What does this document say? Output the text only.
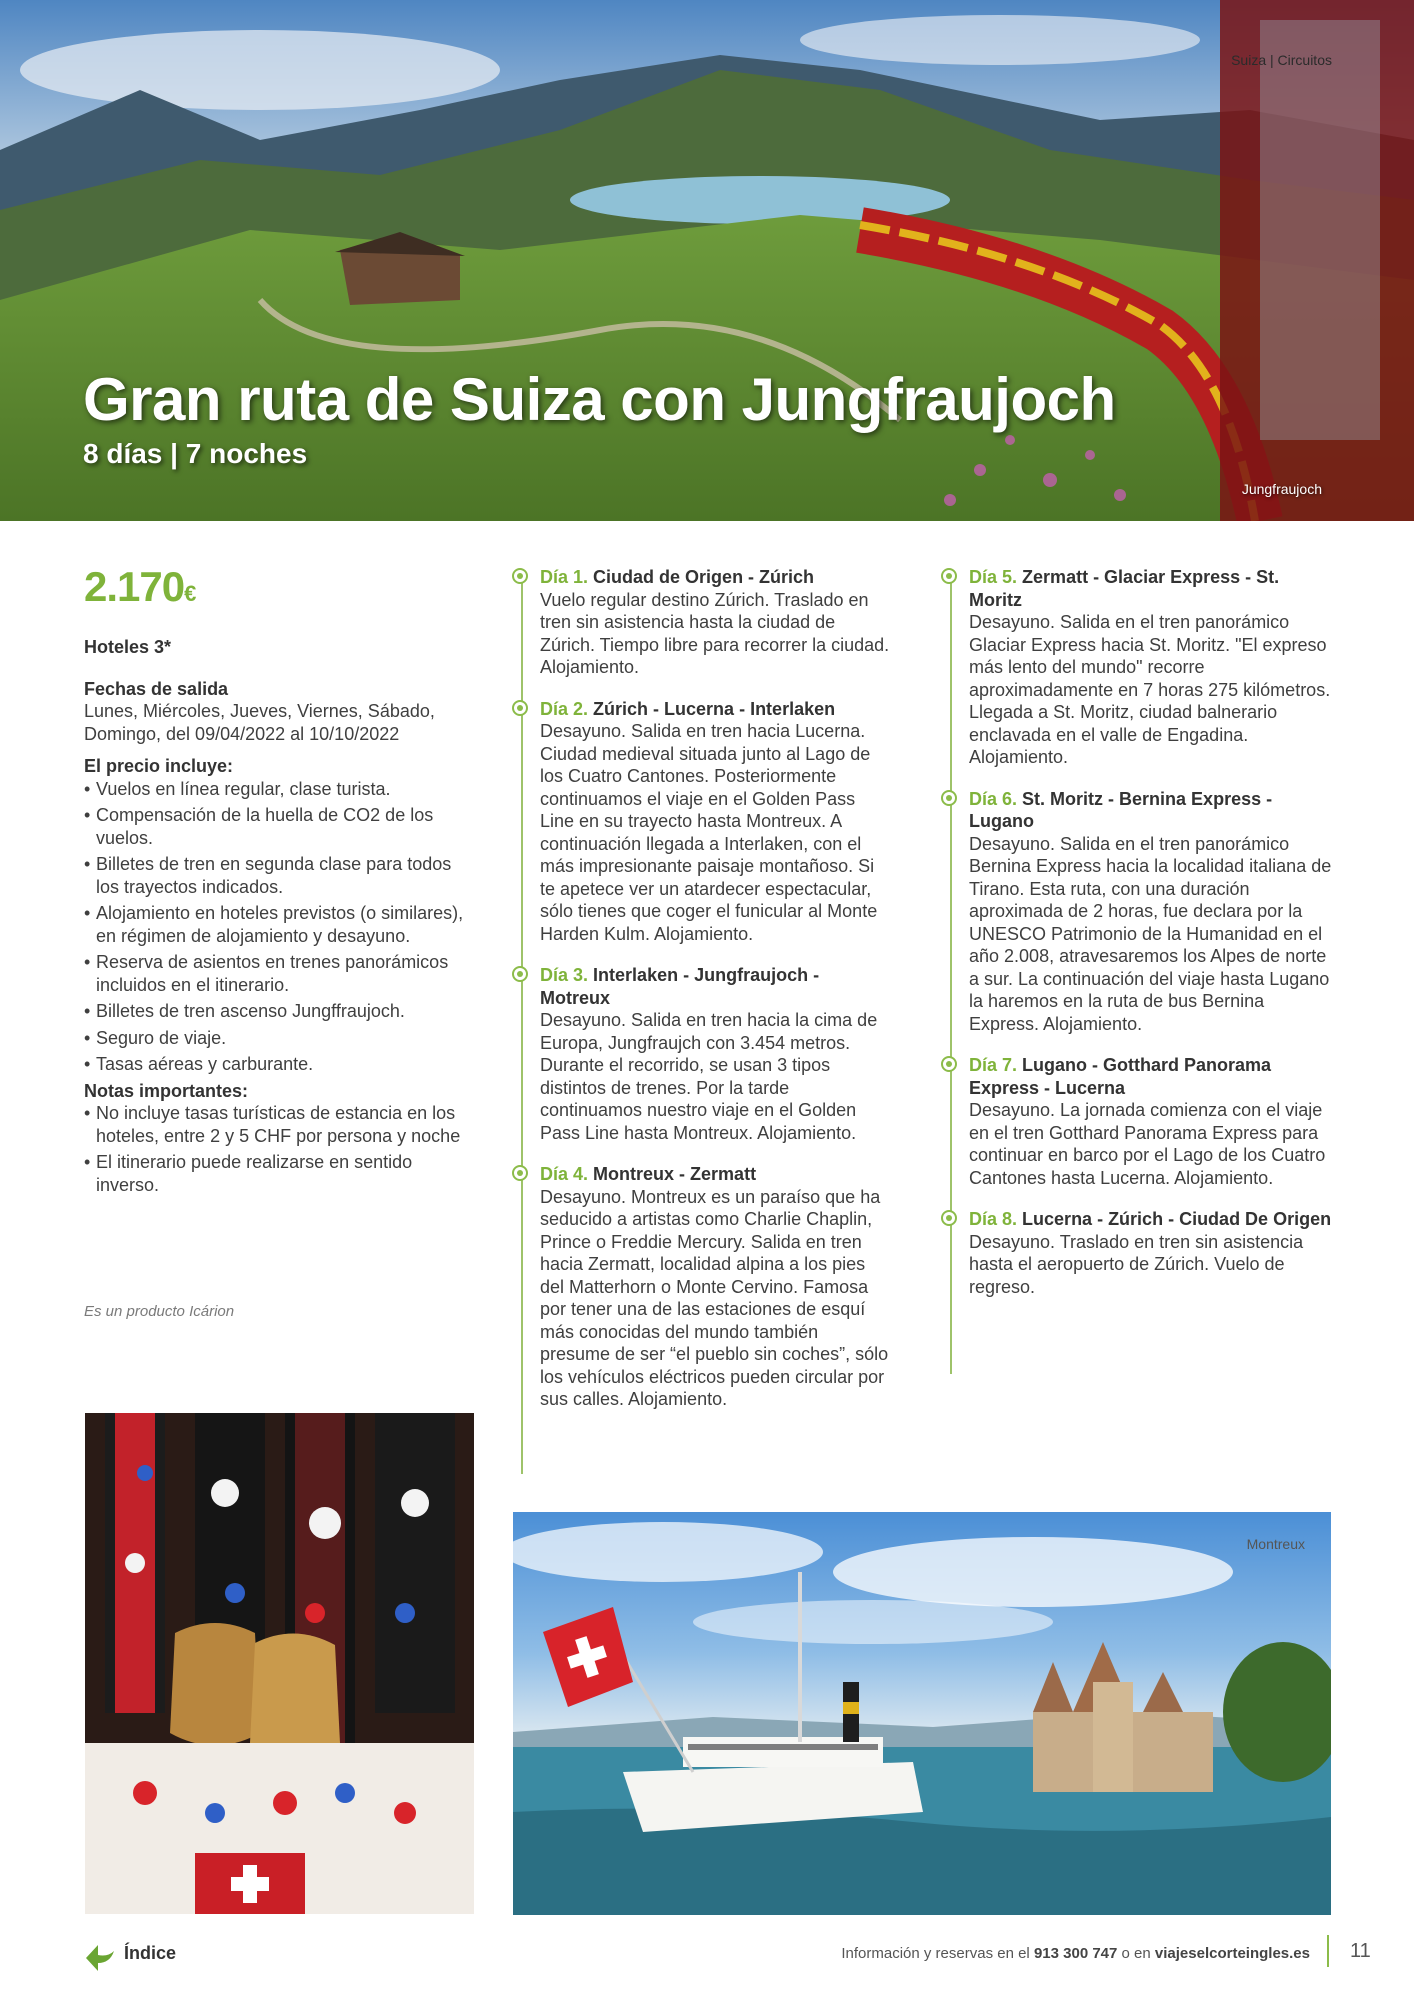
Suiza | Circuitos
Gran ruta de Suiza con Jungfraujoch
8 días | 7 noches
Jungfraujoch
2.170€
Hoteles 3*
Fechas de salida

Lunes, Miércoles, Jueves, Viernes, Sábado, Domingo, del 09/04/2022 al 10/10/2022

El precio incluye:
• Vuelos en línea regular, clase turista.
• Compensación de la huella de CO2 de los vuelos.
• Billetes de tren en segunda clase para todos los trayectos indicados.
• Alojamiento en hoteles previstos (o similares), en régimen de alojamiento y desayuno.
• Reserva de asientos en trenes panorámicos incluidos en el itinerario.
• Billetes de tren ascenso Jungffraujoch.
• Seguro de viaje.
• Tasas aéreas y carburante.
Notas importantes:
• No incluye tasas turísticas de estancia en los hoteles, entre 2 y 5 CHF por persona y noche
• El itinerario puede realizarse en sentido inverso.
Es un producto Icárion
Día 1. Ciudad de Origen - Zúrich
Vuelo regular destino Zúrich. Traslado en tren sin asistencia hasta la ciudad de Zúrich. Tiempo libre para recorrer la ciudad. Alojamiento.
Día 2. Zúrich - Lucerna - Interlaken
Desayuno. Salida en tren hacia Lucerna. Ciudad medieval situada junto al Lago de los Cuatro Cantones. Posteriormente continuamos el viaje en el Golden Pass Line en su trayecto hasta Montreux. A continuación llegada a Interlaken, con el más impresionante paisaje montañoso. Si te apetece ver un atardecer espectacular, sólo tienes que coger el funicular al Monte Harden Kulm. Alojamiento.
Día 3. Interlaken - Jungfraujoch - Motreux
Desayuno. Salida en tren hacia la cima de Europa, Jungfraujch con 3.454 metros. Durante el recorrido, se usan 3 tipos distintos de trenes. Por la tarde continuamos nuestro viaje en el Golden Pass Line hasta Montreux. Alojamiento.
Día 4. Montreux - Zermatt
Desayuno. Montreux es un paraíso que ha seducido a artistas como Charlie Chaplin, Prince o Freddie Mercury. Salida en tren hacia Zermatt, localidad alpina a los pies del Matterhorn o Monte Cervino. Famosa por tener una de las estaciones de esquí más conocidas del mundo también presume de ser “el pueblo sin coches”, sólo los vehículos eléctricos pueden circular por sus calles. Alojamiento.
Día 5. Zermatt - Glaciar Express - St. Moritz
Desayuno. Salida en el tren panorámico Glaciar Express hacia St. Moritz. "El expreso más lento del mundo" recorre aproximadamente en 7 horas 275 kilómetros. Llegada a St. Moritz, ciudad balnerario enclavada en el valle de Engadina. Alojamiento.
Día 6. St. Moritz - Bernina Express - Lugano
Desayuno. Salida en el tren panorámico Bernina Express hacia la localidad italiana de Tirano. Esta ruta, con una duración aproximada de 2 horas, fue declara por la UNESCO Patrimonio de la Humanidad en el año 2.008, atravesaremos los Alpes de norte a sur. La continuación del viaje hasta Lugano la haremos en la ruta de bus Bernina Express. Alojamiento.
Día 7. Lugano - Gotthard Panorama Express - Lucerna
Desayuno. La jornada comienza con el viaje en el tren Gotthard Panorama Express para continuar en barco por el Lago de los Cuatro Cantones hasta Lucerna. Alojamiento.
Día 8. Lucerna - Zúrich - Ciudad De Origen
Desayuno. Traslado en tren sin asistencia hasta el aeropuerto de Zúrich. Vuelo de regreso.
Montreux
Índice	Información y reservas en el 913 300 747 o en viajeselcorteingles.es 11
